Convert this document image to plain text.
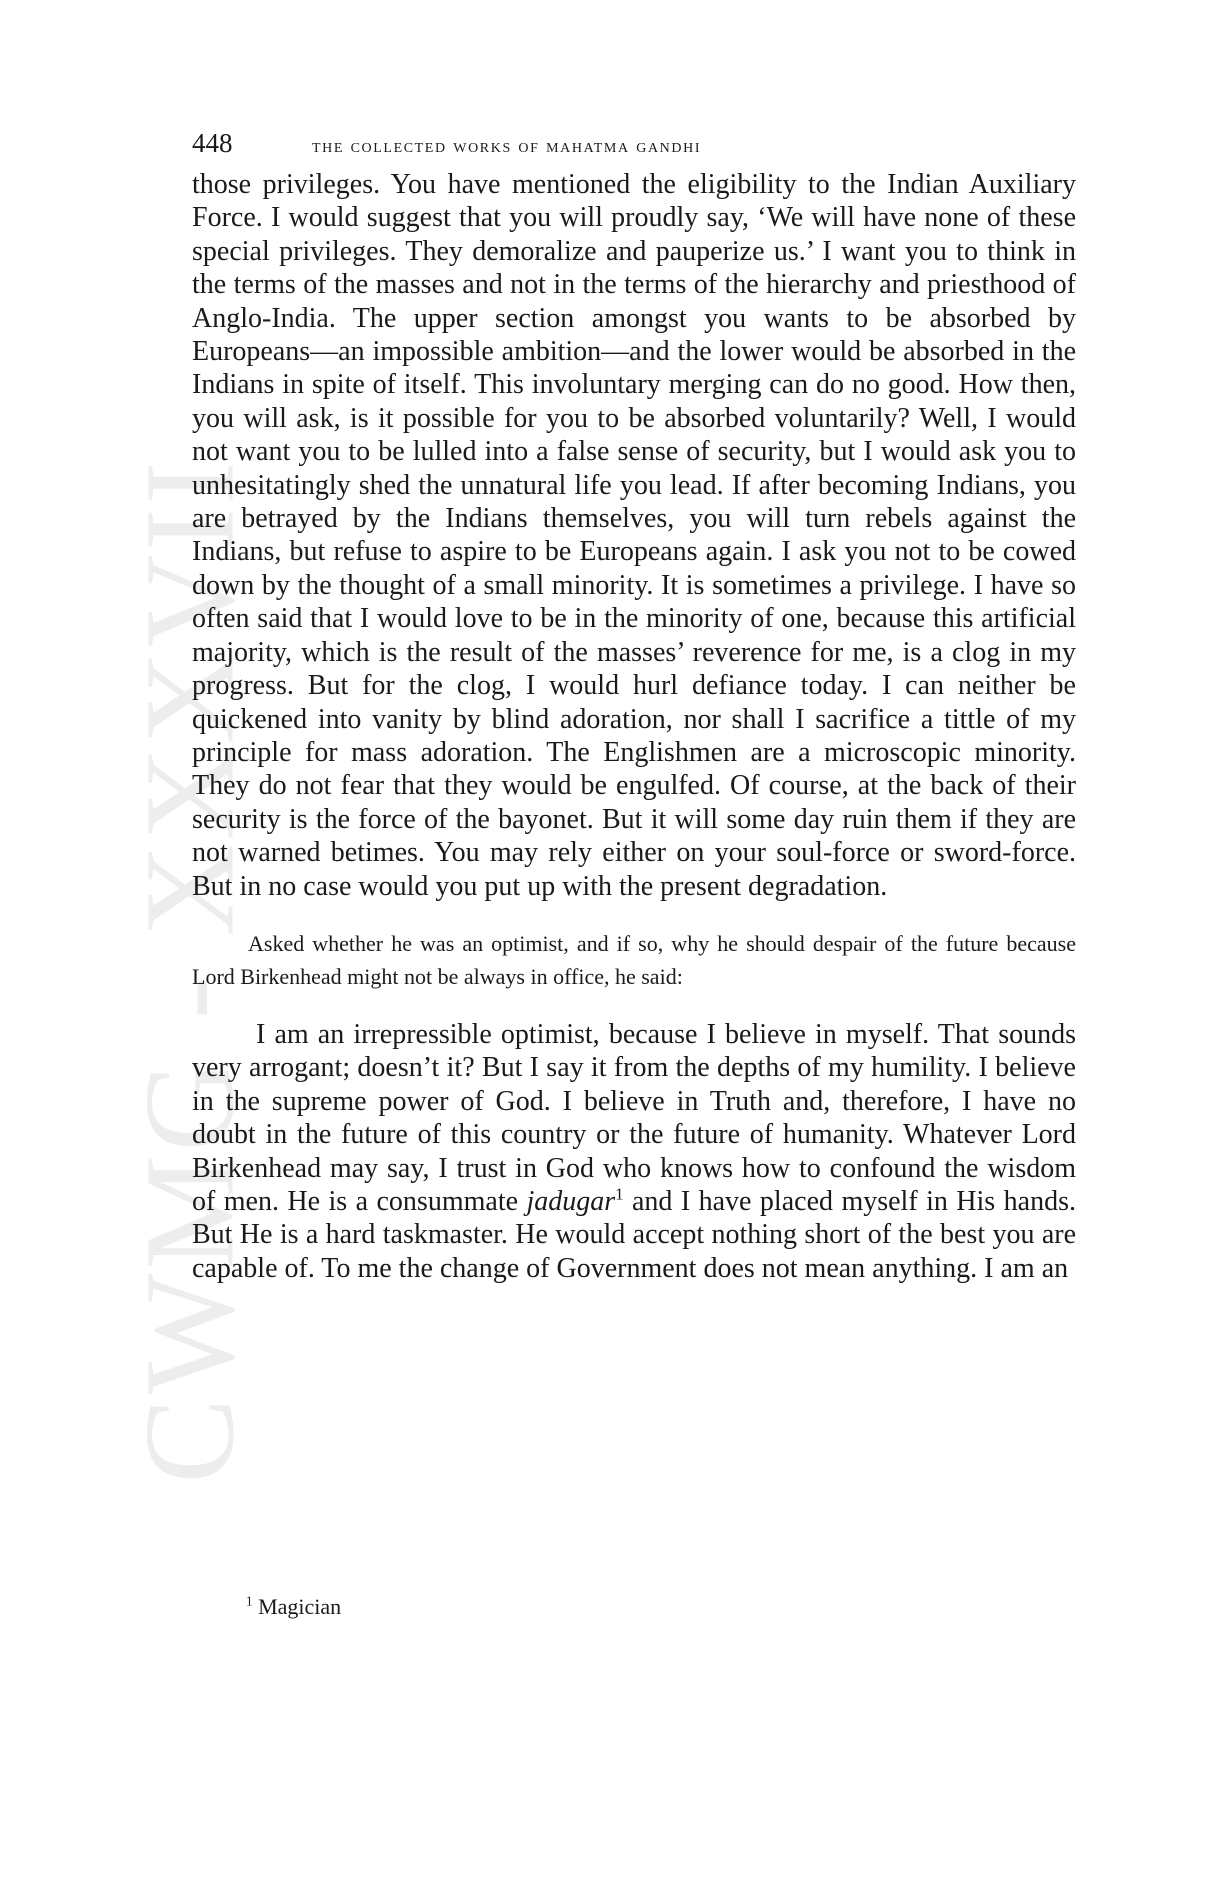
CWMG - XXXVII
448	the collected works of mahatma gandhi

those privileges. You have mentioned the eligibility to the Indian Auxiliary Force. I would suggest that you will proudly say, ‘We will have none of these special privileges. They demoralize and pauperize us.’ I want you to think in the terms of the masses and not in the terms of the hierarchy and priesthood of Anglo-India. The upper section amongst you wants to be absorbed by Europeans—an impossible ambition—and the lower would be absorbed in the Indians in spite of itself. This involuntary merging can do no good. How then, you will ask, is it possible for you to be absorbed voluntarily? Well, I would not want you to be lulled into a false sense of security, but I would ask you to unhesitatingly shed the unnatural life you lead. If after becoming Indians, you are betrayed by the Indians themselves, you will turn rebels against the Indians, but refuse to aspire to be Europeans again. I ask you not to be cowed down by the thought of a small minority. It is sometimes a privilege. I have so often said that I would love to be in the minority of one, because this artificial majority, which is the result of the masses’ reverence for me, is a clog in my progress. But for the clog, I would hurl defiance today. I can neither be quickened into vanity by blind adoration, nor shall I sacrifice a tittle of my principle for mass adoration. The Englishmen are a microscopic minority. They do not fear that they would be engulfed. Of course, at the back of their security is the force of the bayonet. But it will some day ruin them if they are not warned betimes. You may rely either on your soul-force or sword-force. But in no case would you put up with the present degradation.

Asked whether he was an optimist, and if so, why he should despair of the future because Lord Birkenhead might not be always in office, he said:

I am an irrepressible optimist, because I believe in myself. That sounds very arrogant; doesn’t it? But I say it from the depths of my humility. I believe in the supreme power of God. I believe in Truth and, therefore, I have no doubt in the future of this country or the future of humanity. Whatever Lord Birkenhead may say, I trust in God who knows how to confound the wisdom of men. He is a consummate jadugar$^1$ and I have placed myself in His hands. But He is a hard taskmaster. He would accept nothing short of the best you are capable of. To me the change of Government does not mean anything. I am an

$^1$ Magician
